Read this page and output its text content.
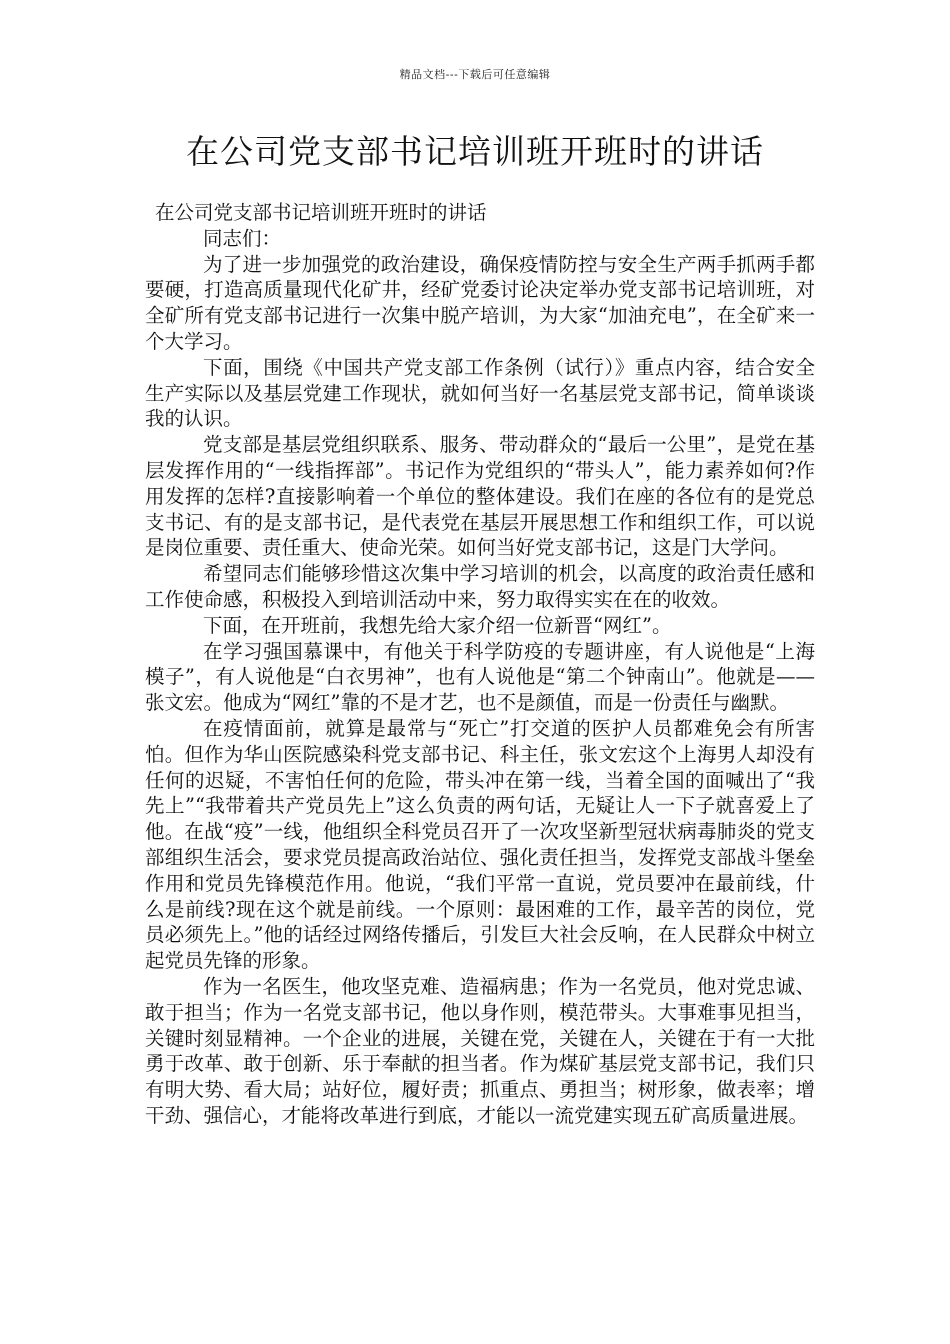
精品文档---下载后可任意编辑
在公司党支部书记培训班开班时的讲话

在公司党支部书记培训班开班时的讲话

同志们：

为了进一步加强党的政治建设，确保疫情防控与安全生产两手抓两手都要硬，打造高质量现代化矿井，经矿党委讨论决定举办党支部书记培训班，对全矿所有党支部书记进行一次集中脱产培训，为大家“加油充电”，在全矿来一个大学习。

下面，围绕《中国共产党支部工作条例（试行）》重点内容，结合安全生产实际以及基层党建工作现状，就如何当好一名基层党支部书记，简单谈谈我的认识。

党支部是基层党组织联系、服务、带动群众的“最后一公里”，是党在基层发挥作用的“一线指挥部”。书记作为党组织的“带头人”，能力素养如何?作用发挥的怎样?直接影响着一个单位的整体建设。我们在座的各位有的是党总支书记、有的是支部书记，是代表党在基层开展思想工作和组织工作，可以说是岗位重要、责任重大、使命光荣。如何当好党支部书记，这是门大学问。

希望同志们能够珍惜这次集中学习培训的机会，以高度的政治责任感和工作使命感，积极投入到培训活动中来，努力取得实实在在的收效。

下面，在开班前，我想先给大家介绍一位新晋“网红”。

在学习强国慕课中，有他关于科学防疫的专题讲座，有人说他是“上海模子”，有人说他是“白衣男神”，也有人说他是“第二个钟南山”。他就是——张文宏。他成为“网红”靠的不是才艺，也不是颜值，而是一份责任与幽默。

在疫情面前，就算是最常与“死亡”打交道的医护人员都难免会有所害怕。但作为华山医院感染科党支部书记、科主任，张文宏这个上海男人却没有任何的迟疑，不害怕任何的危险，带头冲在第一线，当着全国的面喊出了“我先上”“我带着共产党员先上”这么负责的两句话，无疑让人一下子就喜爱上了他。在战“疫”一线，他组织全科党员召开了一次攻坚新型冠状病毒肺炎的党支部组织生活会，要求党员提高政治站位、强化责任担当，发挥党支部战斗堡垒作用和党员先锋模范作用。他说，“我们平常一直说，党员要冲在最前线，什么是前线?现在这个就是前线。一个原则：最困难的工作，最辛苦的岗位，党员必须先上。”他的话经过网络传播后，引发巨大社会反响，在人民群众中树立起党员先锋的形象。

作为一名医生，他攻坚克难、造福病患；作为一名党员，他对党忠诚、敢于担当；作为一名党支部书记，他以身作则，模范带头。大事难事见担当，关键时刻显精神。一个企业的进展，关键在党，关键在人，关键在于有一大批勇于改革、敢于创新、乐于奉献的担当者。作为煤矿基层党支部书记，我们只有明大势、看大局；站好位，履好责；抓重点、勇担当；树形象，做表率；增干劲、强信心，才能将改革进行到底，才能以一流党建实现五矿高质量进展。
